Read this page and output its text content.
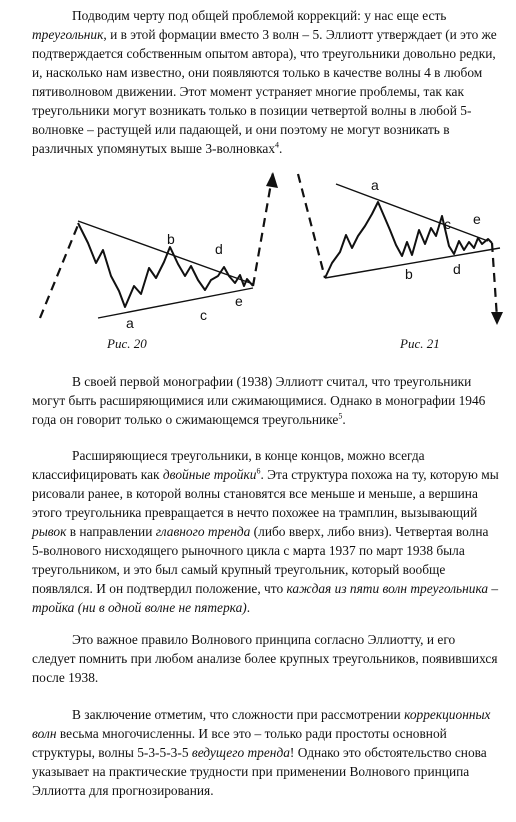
Подводим черту под общей проблемой коррекций: у нас еще есть треугольник, и в этой формации вместо 3 волн – 5. Эллиотт утверждает (и это же подтверждается собственным опытом автора), что треугольники довольно редки, и, насколько нам известно, они появляются только в качестве волны 4 в любом пятиволновом движении. Этот момент устраняет многие проблемы, так как треугольники могут возникать только в позиции четвертой волны в любой 5-волновке – растущей или падающей, и они поэтому не могут возникать в различных упомянутых выше 3-волновках$^4$.

a
b
c
d
e
Рис. 20
a
b
c
d
e
Рис. 21

В своей первой монографии (1938) Эллиотт считал, что треугольники могут быть расширяющимися или сжимающимися. Однако в монографии 1946 года он говорит только о сжимающемся треугольнике$^5$.

Расширяющиеся треугольники, в конце концов, можно всегда классифицировать как двойные тройки$^6$. Эта структура похожа на ту, которую мы рисовали ранее, в которой волны становятся все меньше и меньше, а вершина этого треугольника превращается в нечто похожее на трамплин, вызывающий рывок в направлении главного тренда (либо вверх, либо вниз). Четвертая волна 5-волнового нисходящего рыночного цикла с марта 1937 по март 1938 была треугольником, и это был самый крупный треугольник, который вообще появлялся. И он подтвердил положение, что каждая из пяти волн треугольника – тройка (ни в одной волне не пятерка).

Это важное правило Волнового принципа согласно Эллиотту, и его следует помнить при любом анализе более крупных треугольников, появившихся после 1938.

В заключение отметим, что сложности при рассмотрении коррекционных волн весьма многочисленны. И все это – только ради простоты основной структуры, волны 5-3-5-3-5 ведущего тренда! Однако это обстоятельство снова указывает на практические трудности при применении Волнового принципа Эллиотта для прогнозирования.
